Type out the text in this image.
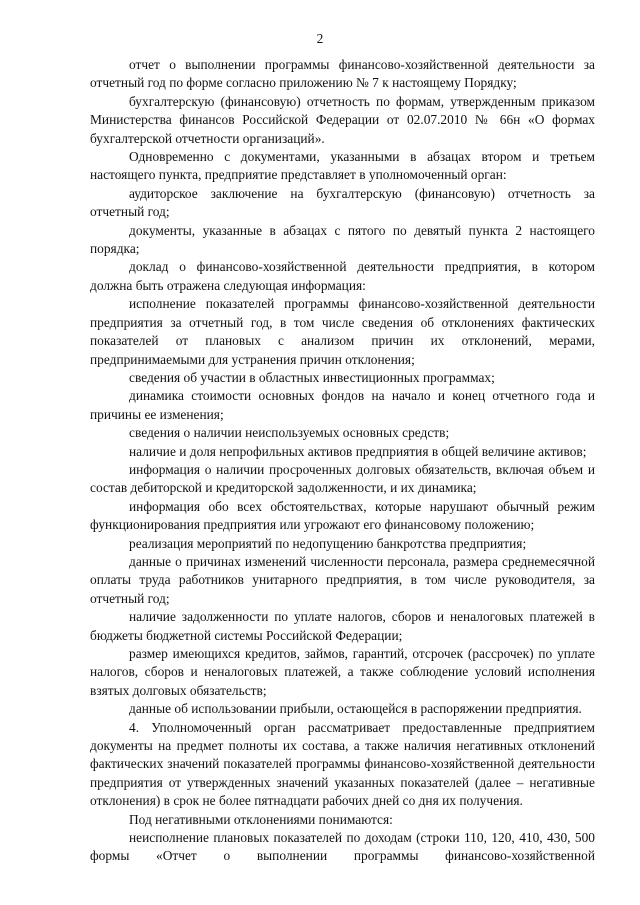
2

отчет о выполнении программы финансово-хозяйственной деятельности за отчетный год по форме согласно приложению № 7 к настоящему Порядку;

бухгалтерскую (финансовую) отчетность по формам, утвержденным приказом Министерства финансов Российской Федерации от 02.07.2010 № 66н «О формах бухгалтерской отчетности организаций».

Одновременно с документами, указанными в абзацах втором и третьем настоящего пункта, предприятие представляет в уполномоченный орган:

аудиторское заключение на бухгалтерскую (финансовую) отчетность за отчетный год;

документы, указанные в абзацах с пятого по девятый пункта 2 настоящего порядка;

доклад о финансово-хозяйственной деятельности предприятия, в котором должна быть отражена следующая информация:

исполнение показателей программы финансово-хозяйственной деятельности предприятия за отчетный год, в том числе сведения об отклонениях фактических показателей от плановых с анализом причин их отклонений, мерами, предпринимаемыми для устранения причин отклонения;

сведения об участии в областных инвестиционных программах;

динамика стоимости основных фондов на начало и конец отчетного года и причины ее изменения;

сведения о наличии неиспользуемых основных средств;

наличие и доля непрофильных активов предприятия в общей величине активов;

информация о наличии просроченных долговых обязательств, включая объем и состав дебиторской и кредиторской задолженности, и их динамика;

информация обо всех обстоятельствах, которые нарушают обычный режим функционирования предприятия или угрожают его финансовому положению;

реализация мероприятий по недопущению банкротства предприятия;

данные о причинах изменений численности персонала, размера среднемесячной оплаты труда работников унитарного предприятия, в том числе руководителя, за отчетный год;

наличие задолженности по уплате налогов, сборов и неналоговых платежей в бюджеты бюджетной системы Российской Федерации;

размер имеющихся кредитов, займов, гарантий, отсрочек (рассрочек) по уплате налогов, сборов и неналоговых платежей, а также соблюдение условий исполнения взятых долговых обязательств;

данные об использовании прибыли, остающейся в распоряжении предприятия.

4. Уполномоченный орган рассматривает предоставленные предприятием документы на предмет полноты их состава, а также наличия негативных отклонений фактических значений показателей программы финансово-хозяйственной деятельности предприятия от утвержденных значений указанных показателей (далее – негативные отклонения) в срок не более пятнадцати рабочих дней со дня их получения.

Под негативными отклонениями понимаются:

неисполнение плановых показателей по доходам (строки 110, 120, 410, 430, 500 формы «Отчет о выполнении программы финансово-хозяйственной
